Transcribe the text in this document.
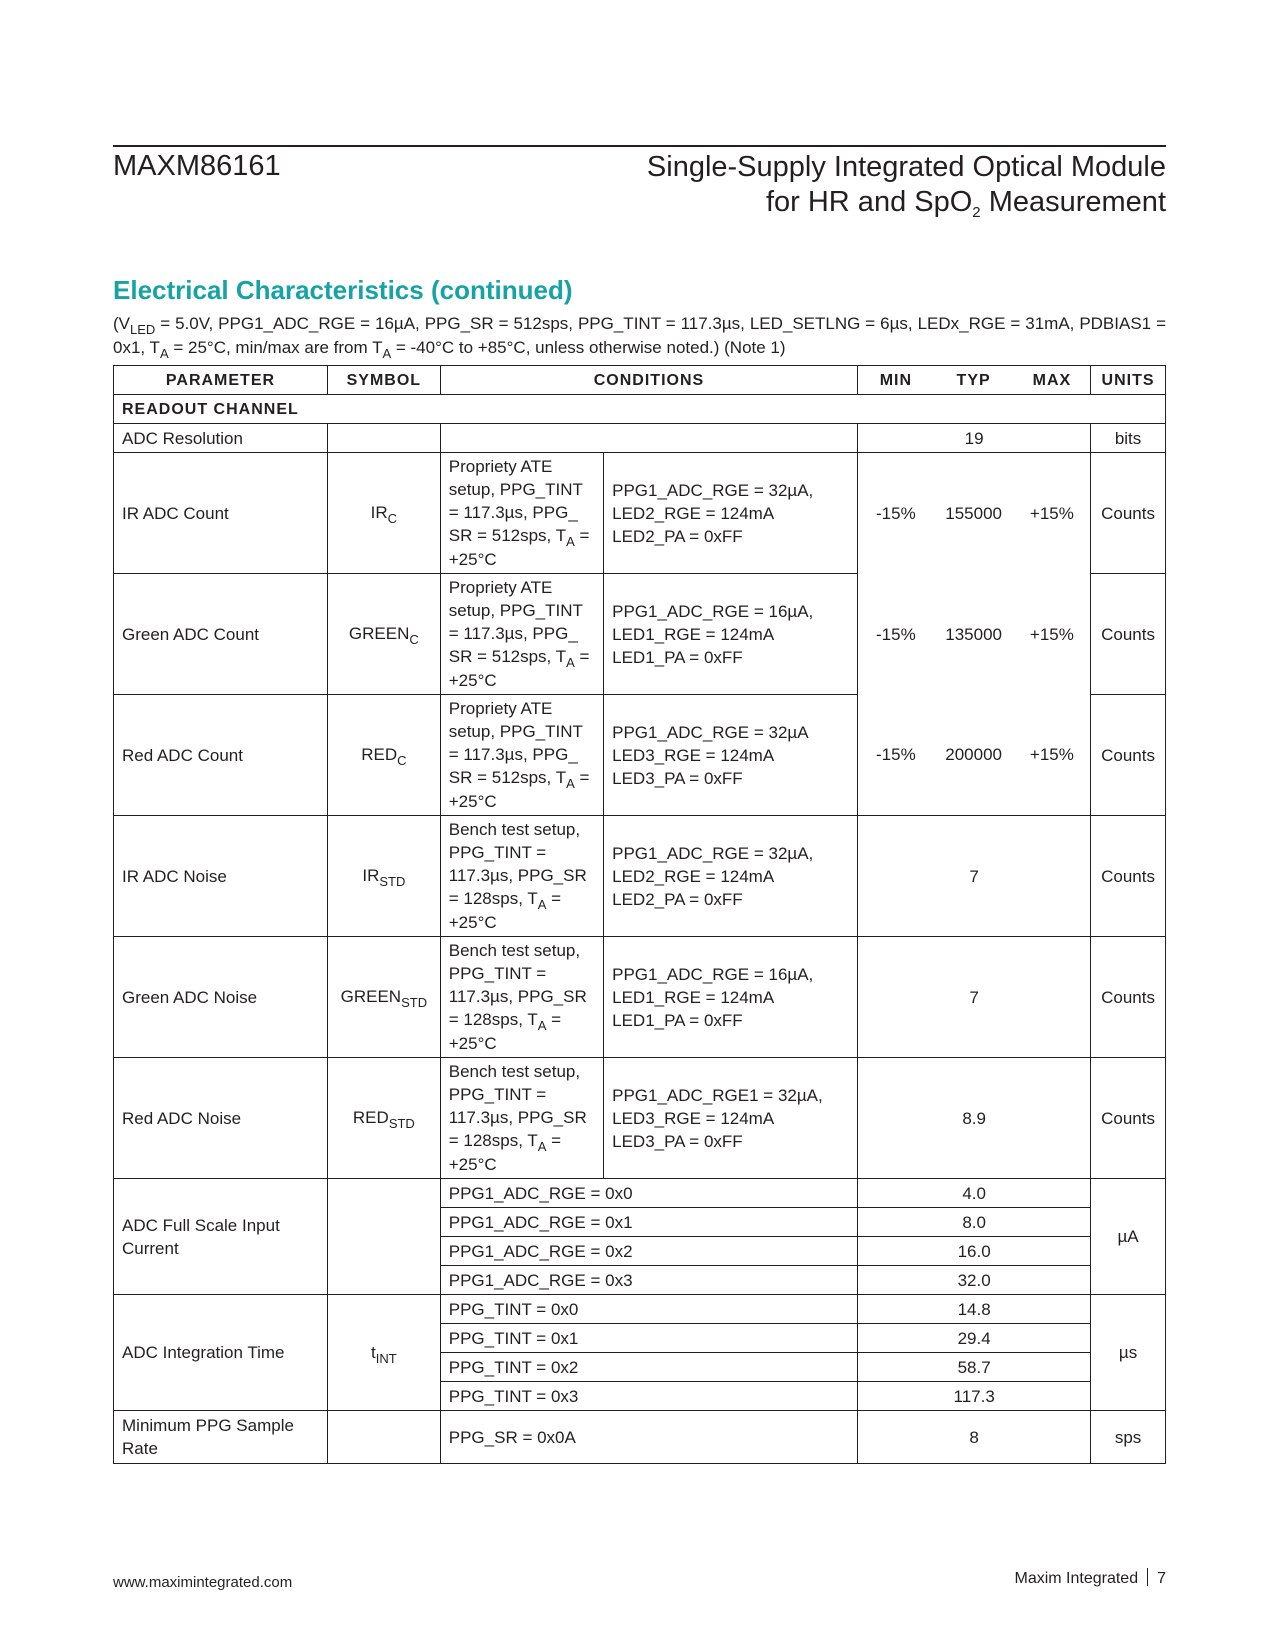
MAXM86161	Single-Supply Integrated Optical Module
for HR and SpO$_2$ Measurement
Electrical Characteristics (continued)
($V_{LED} = 5.0V$, PPG1_ADC_RGE = 16µA, PPG_SR = 512sps, PPG_TINT = 117.3µs, LED_SETLNG = 6µs, LEDx_RGE = 31mA, PDBIAS1 = 0x1, $T_A = 25^\circ C$, min/max are from $T_A = -40^\circ C$ to +85°C, unless otherwise noted.) (Note 1)
PARAMETER	SYMBOL	CONDITIONS		MIN	TYP	MAX	UNITS
READOUT CHANNEL							
ADC Resolution				19			bits
IR ADC Count	$IR_C$	Propriety ATE setup, PPG_TINT = 117.3µs, PPG_ SR = 512sps, $T_A = +25^\circ C$	PPG1_ADC_RGE = 32µA,
LED2_RGE = 124mA
LED2_PA = 0xFF	-15%	155000	+15%	Counts
Green ADC Count	$GREEN_C$	Propriety ATE setup, PPG_TINT = 117.3µs, PPG_ SR = 512sps, $T_A = +25^\circ C$	PPG1_ADC_RGE = 16µA,
LED1_RGE = 124mA
LED1_PA = 0xFF	-15%	135000	+15%	Counts
Red ADC Count	$RED_C$	Propriety ATE setup, PPG_TINT = 117.3µs, PPG_ SR = 512sps, $T_A = +25^\circ C$	PPG1_ADC_RGE = 32µA
LED3_RGE = 124mA
LED3_PA = 0xFF	-15%	200000	+15%	Counts
IR ADC Noise	$IR_{STD}$	Bench test setup, PPG_TINT = 117.3µs, PPG_SR = 128sps, $T_A = +25^\circ C$	PPG1_ADC_RGE = 32µA,
LED2_RGE = 124mA
LED2_PA = 0xFF	7			Counts
Green ADC Noise	$GREEN_{STD}$	Bench test setup, PPG_TINT = 117.3µs, PPG_SR = 128sps, $T_A = +25^\circ C$	PPG1_ADC_RGE = 16µA,
LED1_RGE = 124mA
LED1_PA = 0xFF	7			Counts
Red ADC Noise	$RED_{STD}$	Bench test setup, PPG_TINT = 117.3µs, PPG_SR = 128sps, $T_A = +25^\circ C$	PPG1_ADC_RGE1 = 32µA,
LED3_RGE = 124mA
LED3_PA = 0xFF	8.9			Counts
ADC Full Scale Input Current		PPG1_ADC_RGE = 0x0		4.0			µA
		PPG1_ADC_RGE = 0x1		8.0			
		PPG1_ADC_RGE = 0x2		16.0			
		PPG1_ADC_RGE = 0x3		32.0			
ADC Integration Time	$t_{INT}$	PPG_TINT = 0x0		14.8			µs
		PPG_TINT = 0x1		29.4			
		PPG_TINT = 0x2		58.7			
		PPG_TINT = 0x3		117.3			
Minimum PPG Sample Rate		PPG_SR = 0x0A		8			sps
www.maximintegrated.com	Maxim Integrated 7
